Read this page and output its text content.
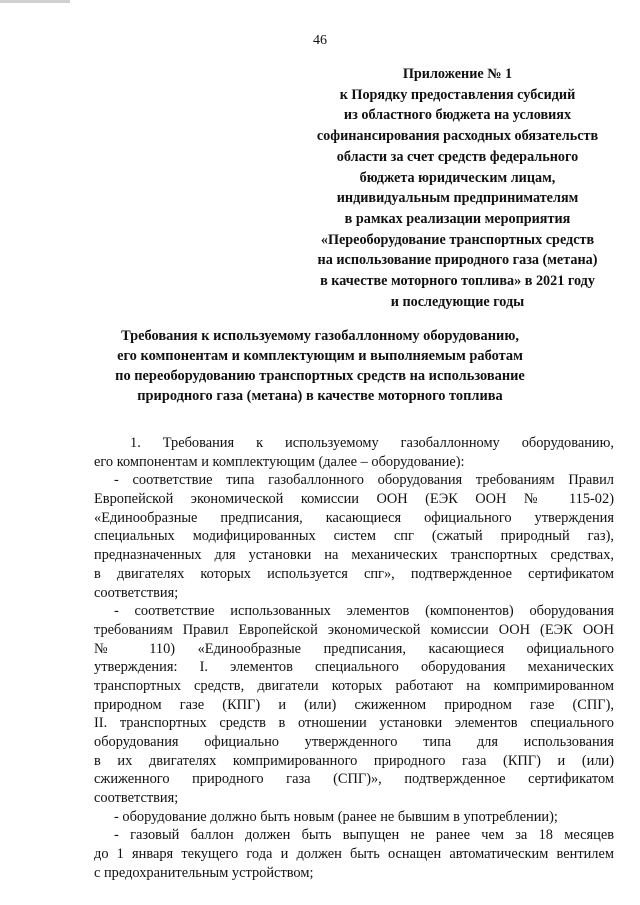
46
Приложение № 1
к Порядку предоставления субсидий
из областного бюджета на условиях
софинансирования расходных обязательств
области за счет средств федерального
бюджета юридическим лицам,
индивидуальным предпринимателям
в рамках реализации мероприятия
«Переоборудование транспортных средств
на использование природного газа (метана)
в качестве моторного топлива» в 2021 году
и последующие годы
Требования к используемому газобаллонному оборудованию,
его компонентам и комплектующим и выполняемым работам
по переоборудованию транспортных средств на использование
природного газа (метана) в качестве моторного топлива
1. Требования к используемому газобаллонному оборудованию,
его компонентам и комплектующим (далее – оборудование):
- соответствие типа газобаллонного оборудования требованиям Правил
Европейской экономической комиссии ООН (ЕЭК ООН № 115-02)
«Единообразные предписания, касающиеся официального утверждения
специальных модифицированных систем спг (сжатый природный газ),
предназначенных для установки на механических транспортных средствах,
в двигателях которых используется спг», подтвержденное сертификатом
соответствия;
- соответствие использованных элементов (компонентов) оборудования
требованиям Правил Европейской экономической комиссии ООН (ЕЭК ООН
№ 110) «Единообразные предписания, касающиеся официального
утверждения: I. элементов специального оборудования механических
транспортных средств, двигатели которых работают на компримированном
природном газе (КПГ) и (или) сжиженном природном газе (СПГ),
II. транспортных средств в отношении установки элементов специального
оборудования официально утвержденного типа для использования
в их двигателях компримированного природного газа (КПГ) и (или)
сжиженного природного газа (СПГ)», подтвержденное сертификатом
соответствия;
- оборудование должно быть новым (ранее не бывшим в употреблении);
- газовый баллон должен быть выпущен не ранее чем за 18 месяцев
до 1 января текущего года и должен быть оснащен автоматическим вентилем
с предохранительным устройством;
